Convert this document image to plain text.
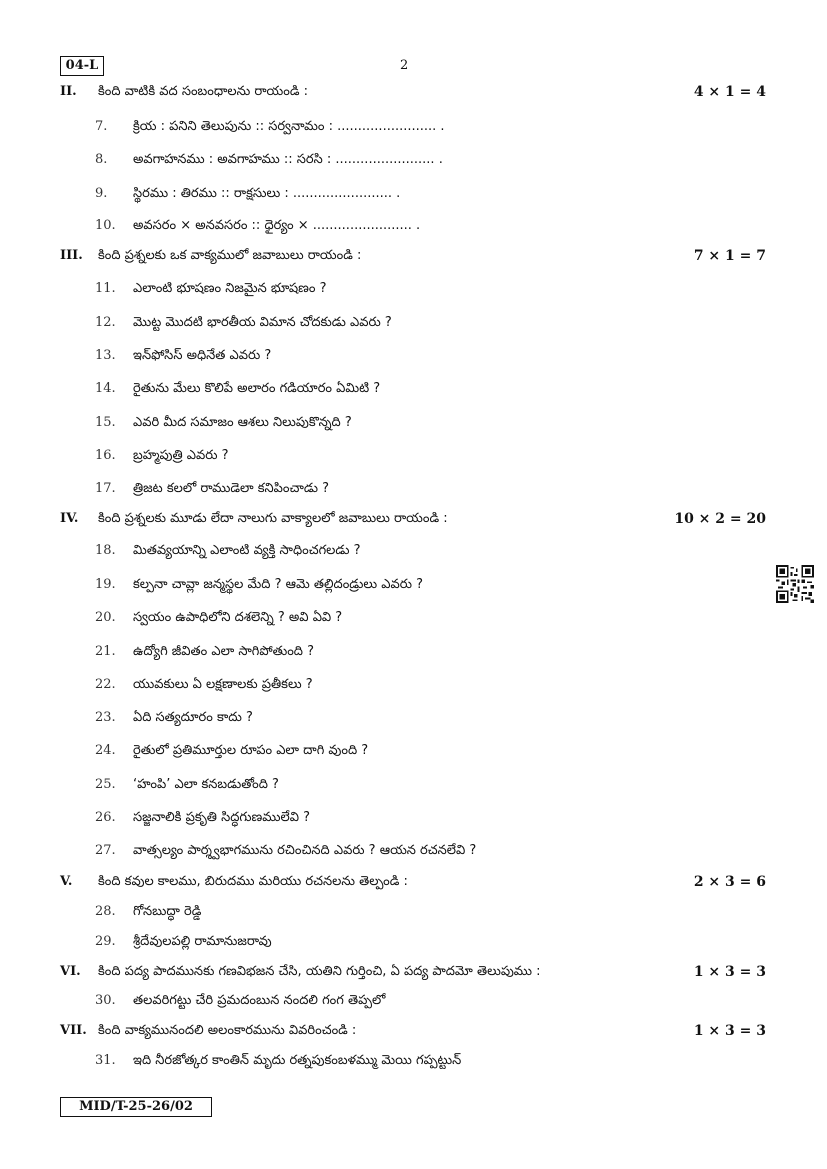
04-L	2
II. కింది వాటికి వద సంబంధాలను రాయండి :	4 × 1 = 4
III. కింది ప్రశ్నలకు ఒక వాక్యములో జవాబులు రాయండి :	7 × 1 = 7
IV. కింది ప్రశ్నలకు మూడు లేదా నాలుగు వాక్యాలలో జవాబులు రాయండి :	10 × 2 = 20
V. కింది కవుల కాలము, బిరుదము మరియు రచనలను తెల్పండి :	2 × 3 = 6
VI. కింది పద్య పాదమునకు గణవిభజన చేసి, యతిని గుర్తించి, ఏ పద్య పాదమో తెలుపుము :	1 × 3 = 3
VII. కింది వాక్యమునందలి అలంకారమును వివరించండి :	1 × 3 = 3
7. క్రియ : పనిని తెలుపును :: సర్వనామం : ........................ .
8. అవగాహనము : అవగాహము :: సరసి : ........................ .
9. స్థిరము : తిరము :: రాక్షసులు : ........................ .
10. అవసరం × అనవసరం :: ధైర్యం × ........................ .
11. ఎలాంటి భూషణం నిజమైన భూషణం ?
12. మొట్ట మొదటి భారతీయ విమాన చోదకుడు ఎవరు ?
13. ఇన్‌ఫోసిస్ అధినేత ఎవరు ?
14. రైతును మేలు కొలిపే అలారం గడియారం ఏమిటి ?
15. ఎవరి మీద సమాజం ఆశలు నిలుపుకొన్నది ?
16. బ్రహ్మపుత్రి ఎవరు ?
17. త్రిజట కలలో రాముడెలా కనిపించాడు ?
18. మితవ్యయాన్ని ఎలాంటి వ్యక్తి సాధించగలడు ?
19. కల్పనా చావ్లా జన్మస్థల మేది ? ఆమె తల్లిదండ్రులు ఎవరు ?
20. స్వయం ఉపాధిలోని దశలెన్ని ? అవి ఏవి ?
21. ఉద్యోగి జీవితం ఎలా సాగిపోతుంది ?
22. యువకులు ఏ లక్షణాలకు ప్రతీకలు ?
23. ఏది సత్యదూరం కాదు ?
24. రైతులో ప్రతిమూర్తుల రూపం ఎలా దాగి వుంది ?
25. ‘హంపి’ ఎలా కనబడుతోంది ?
26. సజ్జనాలికి ప్రకృతి సిద్ధగుణములేవి ?
27. వాత్సల్యం పార్శ్వభాగమును రచించినది ఎవరు ? ఆయన రచనలేవి ?
28. గోనబుద్ధా రెడ్డి
29. శ్రీదేవులపల్లి రామానుజరావు
30. తలవరిగట్టు చేరి ప్రమదంబున నందలి గంగ తెప్పలో
31. ఇది నీరజోత్కర కాంతిన్ మృదు రత్నపుకంబళమ్ము మెయి గప్పట్టున్
MID/T-25-26/02
